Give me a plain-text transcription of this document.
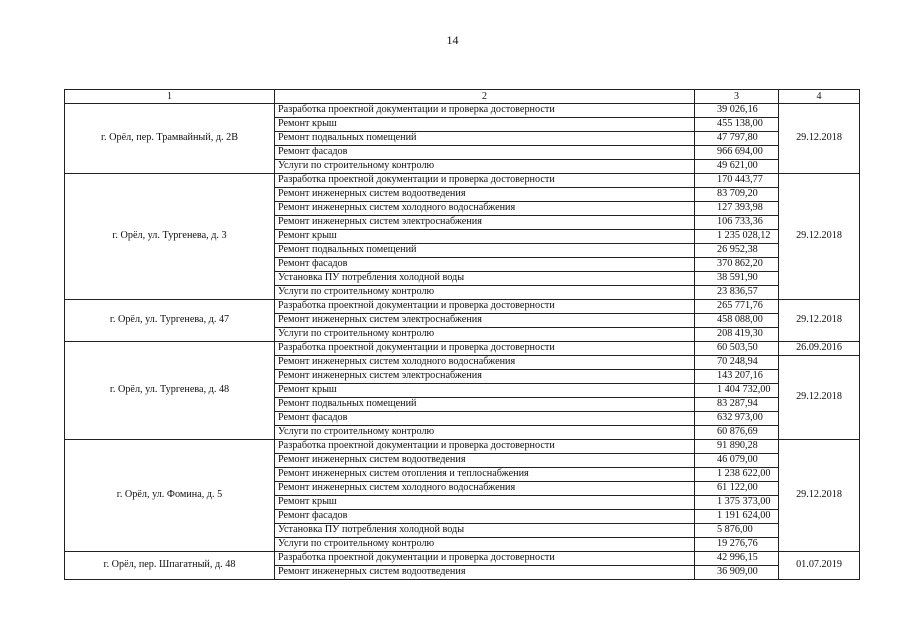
14
1	2	3	4
г. Орёл, пер. Трамвайный, д. 2В	Разработка проектной документации и проверка достоверности	39 026,16	29.12.2018
	Ремонт крыш	455 138,00	
	Ремонт подвальных помещений	47 797,80	
	Ремонт фасадов	966 694,00	
	Услуги по строительному контролю	49 621,00	
г. Орёл, ул. Тургенева, д. 3	Разработка проектной документации и проверка достоверности	170 443,77	29.12.2018
	Ремонт инженерных систем водоотведения	83 709,20	
	Ремонт инженерных систем холодного водоснабжения	127 393,98	
	Ремонт инженерных систем электроснабжения	106 733,36	
	Ремонт крыш	1 235 028,12	
	Ремонт подвальных помещений	26 952,38	
	Ремонт фасадов	370 862,20	
	Установка ПУ потребления холодной воды	38 591,90	
	Услуги по строительному контролю	23 836,57	
г. Орёл, ул. Тургенева, д. 47	Разработка проектной документации и проверка достоверности	265 771,76	29.12.2018
	Ремонт инженерных систем электроснабжения	458 088,00	
	Услуги по строительному контролю	208 419,30	
г. Орёл, ул. Тургенева, д. 48	Разработка проектной документации и проверка достоверности	60 503,50	26.09.2016
	Ремонт инженерных систем холодного водоснабжения	70 248,94	29.12.2018
	Ремонт инженерных систем электроснабжения	143 207,16	
	Ремонт крыш	1 404 732,00	
	Ремонт подвальных помещений	83 287,94	
	Ремонт фасадов	632 973,00	
	Услуги по строительному контролю	60 876,69	
г. Орёл, ул. Фомина, д. 5	Разработка проектной документации и проверка достоверности	91 890,28	29.12.2018
	Ремонт инженерных систем водоотведения	46 079,00	
	Ремонт инженерных систем отопления и теплоснабжения	1 238 622,00	
	Ремонт инженерных систем холодного водоснабжения	61 122,00	
	Ремонт крыш	1 375 373,00	
	Ремонт фасадов	1 191 624,00	
	Установка ПУ потребления холодной воды	5 876,00	
	Услуги по строительному контролю	19 276,76	
г. Орёл, пер. Шпагатный, д. 48	Разработка проектной документации и проверка достоверности	42 996,15	01.07.2019
	Ремонт инженерных систем водоотведения	36 909,00	
